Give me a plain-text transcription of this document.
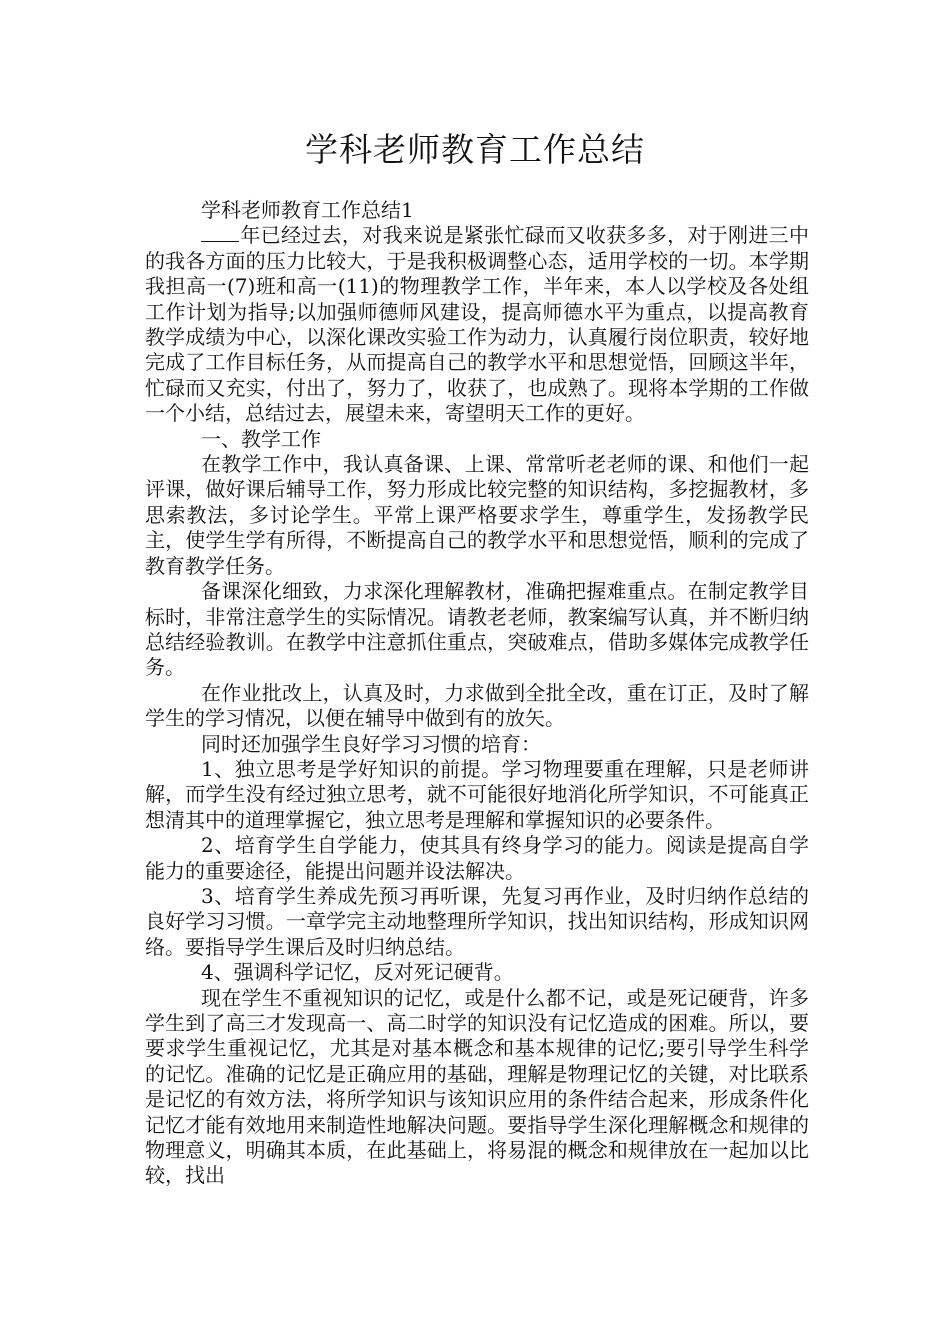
学科老师教育工作总结

学科老师教育工作总结1

年已经过去，对我来说是紧张忙碌而又收获多多，对于刚进三中的我各方面的压力比较大，于是我积极调整心态，适用学校的一切。本学期我担高一(7)班和高一(11)的物理教学工作，半年来，本人以学校及各处组工作计划为指导;以加强师德师风建设，提高师德水平为重点，以提高教育教学成绩为中心，以深化课改实验工作为动力，认真履行岗位职责，较好地完成了工作目标任务，从而提高自己的教学水平和思想觉悟，回顾这半年，忙碌而又充实，付出了，努力了，收获了，也成熟了。现将本学期的工作做一个小结，总结过去，展望未来，寄望明天工作的更好。

一、教学工作

在教学工作中，我认真备课、上课、常常听老老师的课、和他们一起评课，做好课后辅导工作，努力形成比较完整的知识结构，多挖掘教材，多思索教法，多讨论学生。平常上课严格要求学生，尊重学生，发扬教学民主，使学生学有所得，不断提高自己的教学水平和思想觉悟，顺利的完成了教育教学任务。

备课深化细致，力求深化理解教材，准确把握难重点。在制定教学目标时，非常注意学生的实际情况。请教老老师，教案编写认真，并不断归纳总结经验教训。在教学中注意抓住重点，突破难点，借助多媒体完成教学任务。

在作业批改上，认真及时，力求做到全批全改，重在订正，及时了解学生的学习情况，以便在辅导中做到有的放矢。

同时还加强学生良好学习习惯的培育：

1、独立思考是学好知识的前提。学习物理要重在理解，只是老师讲解，而学生没有经过独立思考，就不可能很好地消化所学知识，不可能真正想清其中的道理掌握它，独立思考是理解和掌握知识的必要条件。

2、培育学生自学能力，使其具有终身学习的能力。阅读是提高自学能力的重要途径，能提出问题并设法解决。

3、培育学生养成先预习再听课，先复习再作业，及时归纳作总结的良好学习习惯。一章学完主动地整理所学知识，找出知识结构，形成知识网络。要指导学生课后及时归纳总结。

4、强调科学记忆，反对死记硬背。

现在学生不重视知识的记忆，或是什么都不记，或是死记硬背，许多学生到了高三才发现高一、高二时学的知识没有记忆造成的困难。所以，要要求学生重视记忆，尤其是对基本概念和基本规律的记忆;要引导学生科学的记忆。准确的记忆是正确应用的基础，理解是物理记忆的关键，对比联系是记忆的有效方法，将所学知识与该知识应用的条件结合起来，形成条件化记忆才能有效地用来制造性地解决问题。要指导学生深化理解概念和规律的物理意义，明确其本质，在此基础上，将易混的概念和规律放在一起加以比较，找出
